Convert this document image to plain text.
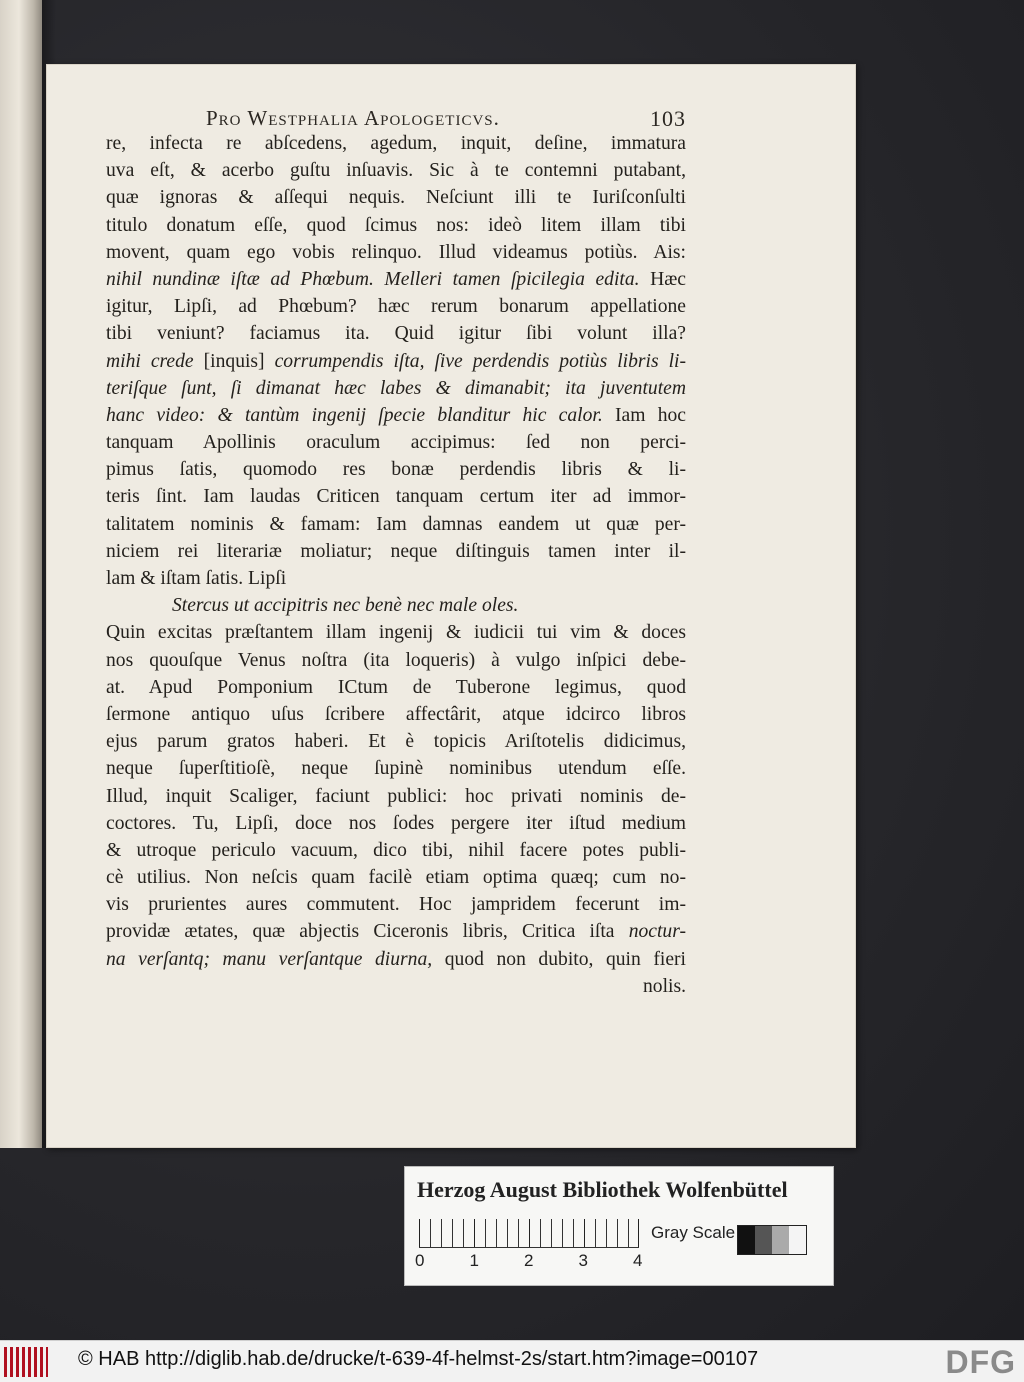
Pro Westphalia Apologeticvs.	103
re, infecta re abſcedens, agedum, inquit, deſine, immatura
uva eſt, & acerbo guſtu inſuavis. Sic à te contemni putabant,
quæ ignoras & aſſequi nequis. Neſciunt illi te Iuriſconſulti
titulo donatum eſſe, quod ſcimus nos: ideò litem illam tibi
movent, quam ego vobis relinquo. Illud videamus potiùs. Ais:
nihil nundinæ iſtæ ad Phœbum. Melleri tamen ſpicilegia edita. Hæc
igitur, Lipſi, ad Phœbum? hæc rerum bonarum appellatione
tibi veniunt? faciamus ita. Quid igitur ſibi volunt illa?
mihi crede [inquis] corrumpendis iſta, ſive perdendis potiùs libris li-
teriſque ſunt, ſi dimanat hæc labes & dimanabit; ita juventutem
hanc video: & tantùm ingenij ſpecie blanditur hic calor. Iam hoc
tanquam Apollinis oraculum accipimus: ſed non perci-
pimus ſatis, quomodo res bonæ perdendis libris & li-
teris ſint. Iam laudas Criticen tanquam certum iter ad immor-
talitatem nominis & famam: Iam damnas eandem ut quæ per-
niciem rei literariæ moliatur; neque diſtinguis tamen inter il-
lam & iſtam ſatis. Lipſi
Stercus ut accipitris nec benè nec male oles.
Quin excitas præſtantem illam ingenij & iudicii tui vim & doces
nos quouſque Venus noſtra (ita loqueris) à vulgo inſpici debe-
at. Apud Pomponium ICtum de Tuberone legimus, quod
ſermone antiquo uſus ſcribere affectârit, atque idcirco libros
ejus parum gratos haberi. Et è topicis Ariſtotelis didicimus,
neque ſuperſtitioſè, neque ſupinè nominibus utendum eſſe.
Illud, inquit Scaliger, faciunt publici: hoc privati nominis de-
coctores. Tu, Lipſi, doce nos ſodes pergere iter iſtud medium
& utroque periculo vacuum, dico tibi, nihil facere potes publi-
cè utilius. Non neſcis quam facilè etiam optima quæq; cum no-
vis prurientes aures commutent. Hoc jampridem fecerunt im-
providæ ætates, quæ abjectis Ciceronis libris, Critica iſta noctur-
na verſantq; manu verſantque diurna, quod non dubito, quin fieri
nolis.
Herzog August Bibliothek Wolfenbüttel
0	1	2	3	4
Gray Scale
© HAB http://diglib.hab.de/drucke/t-639-4f-helmst-2s/start.htm?image=00107	DFG
